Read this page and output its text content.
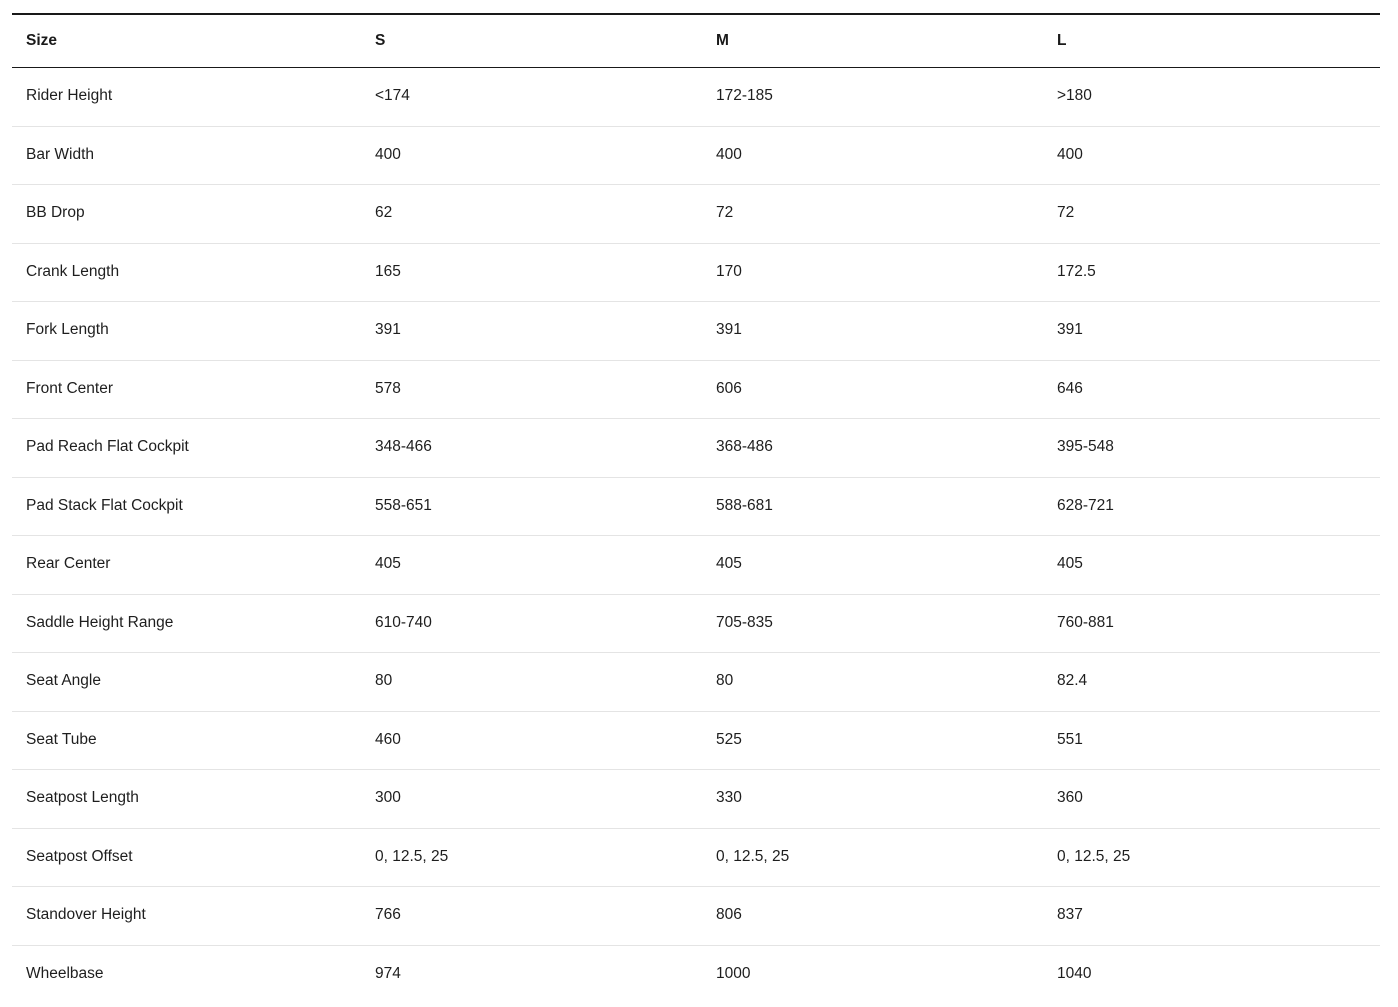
Size	S	M	L
Rider Height	<174	172-185	>180
Bar Width	400	400	400
BB Drop	62	72	72
Crank Length	165	170	172.5
Fork Length	391	391	391
Front Center	578	606	646
Pad Reach Flat Cockpit	348-466	368-486	395-548
Pad Stack Flat Cockpit	558-651	588-681	628-721
Rear Center	405	405	405
Saddle Height Range	610-740	705-835	760-881
Seat Angle	80	80	82.4
Seat Tube	460	525	551
Seatpost Length	300	330	360
Seatpost Offset	0, 12.5, 25	0, 12.5, 25	0, 12.5, 25
Standover Height	766	806	837
Wheelbase	974	1000	1040
